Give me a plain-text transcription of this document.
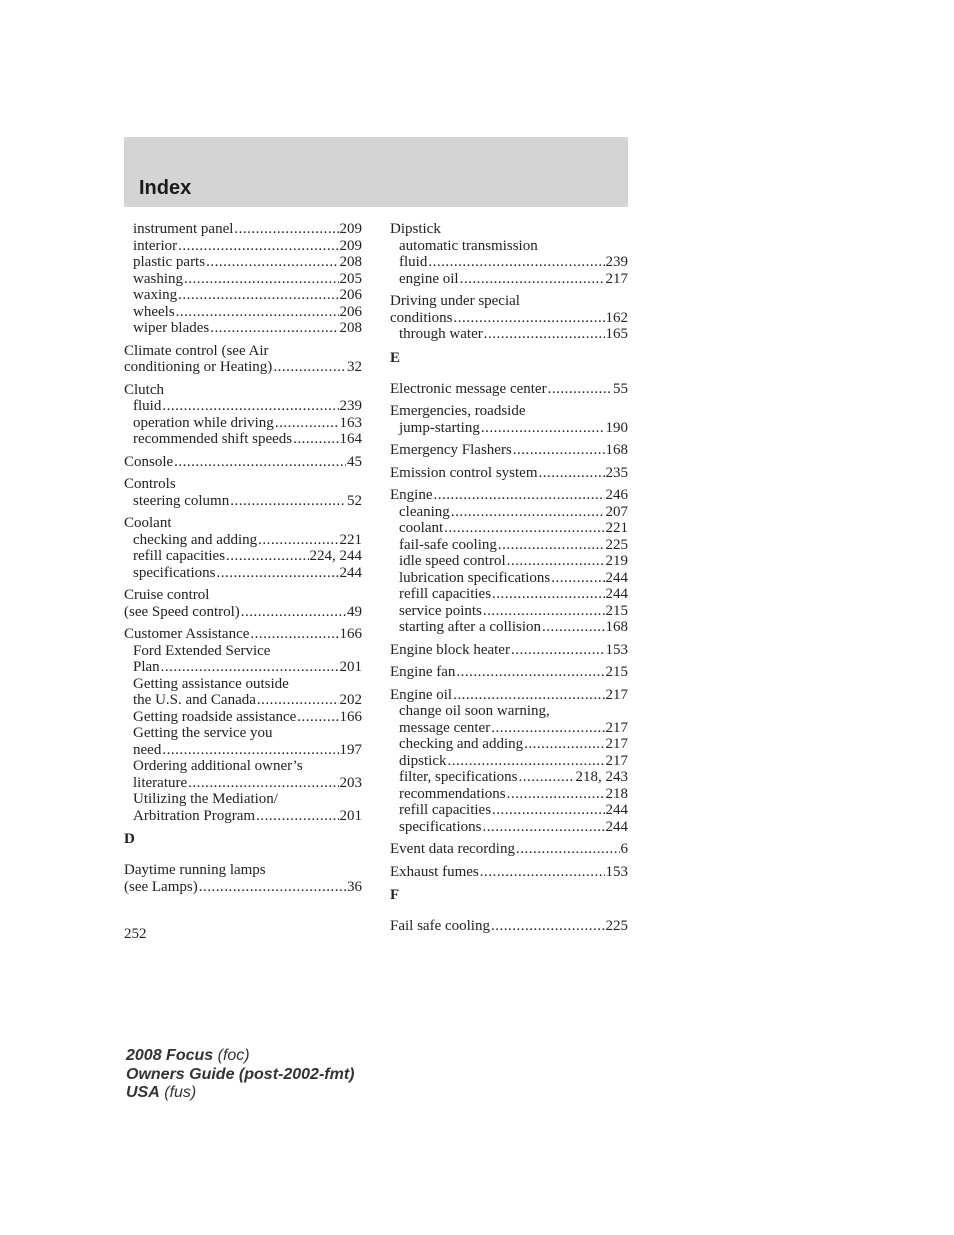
Index
instrument panel .....	209
interior .....	209
plastic parts .....	208
washing .....	205
waxing .....	206
wheels .....	206
wiper blades .....	208
Climate control (see Air
conditioning or Heating) .....	32
Clutch
fluid .....	239
operation while driving .....	163
recommended shift speeds .....	164
Console .....	45
Controls
steering column .....	52
Coolant
checking and adding .....	221
refill capacities .....	224, 244
specifications .....	244
Cruise control
(see Speed control) .....	49
Customer Assistance .....	166
Ford Extended Service
Plan .....	201
Getting assistance outside
the U.S. and Canada .....	202
Getting roadside assistance .....	166
Getting the service you
need .....	197
Ordering additional owner’s
literature .....	203
Utilizing the Mediation/
Arbitration Program .....	201
D
Daytime running lamps
(see Lamps) .....	36
Dipstick
automatic transmission
fluid .....	239
engine oil .....	217
Driving under special
conditions .....	162
through water .....	165
E
Electronic message center .....	55
Emergencies, roadside
jump-starting .....	190
Emergency Flashers .....	168
Emission control system .....	235
Engine .....	246
cleaning .....	207
coolant .....	221
fail-safe cooling .....	225
idle speed control .....	219
lubrication specifications .....	244
refill capacities .....	244
service points .....	215
starting after a collision .....	168
Engine block heater .....	153
Engine fan .....	215
Engine oil .....	217
change oil soon warning,
message center .....	217
checking and adding .....	217
dipstick .....	217
filter, specifications .....	218, 243
recommendations .....	218
refill capacities .....	244
specifications .....	244
Event data recording .....	6
Exhaust fumes .....	153
F
Fail safe cooling .....	225
252
2008 Focus (foc)
Owners Guide (post-2002-fmt)
USA (fus)
